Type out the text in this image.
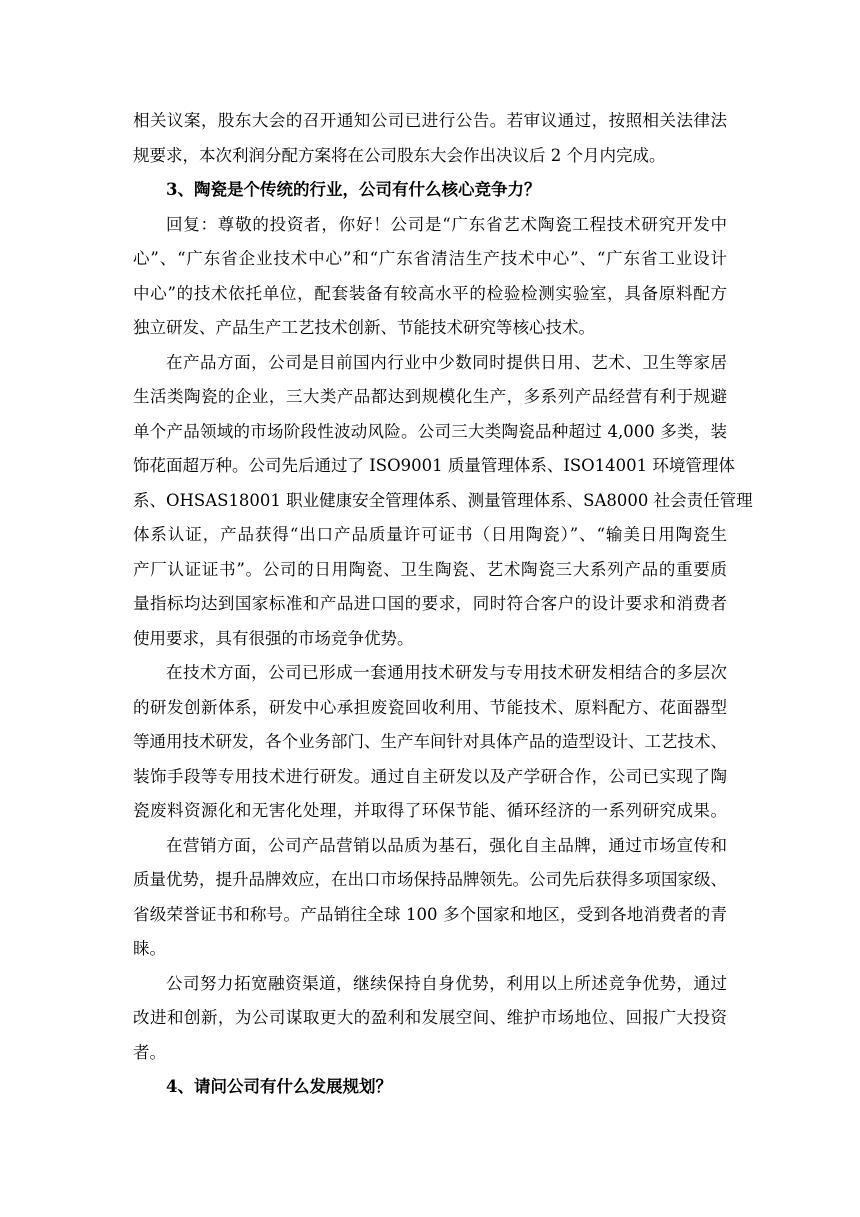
相关议案，股东大会的召开通知公司已进行公告。若审议通过，按照相关法律法
规要求，本次利润分配方案将在公司股东大会作出决议后 2 个月内完成。
3、陶瓷是个传统的行业，公司有什么核心竞争力？
回复：尊敬的投资者，你好！公司是“广东省艺术陶瓷工程技术研究开发中
心”、“广东省企业技术中心”和“广东省清洁生产技术中心”、“广东省工业设计
中心”的技术依托单位，配套装备有较高水平的检验检测实验室，具备原料配方
独立研发、产品生产工艺技术创新、节能技术研究等核心技术。
在产品方面，公司是目前国内行业中少数同时提供日用、艺术、卫生等家居
生活类陶瓷的企业，三大类产品都达到规模化生产，多系列产品经营有利于规避
单个产品领域的市场阶段性波动风险。公司三大类陶瓷品种超过 4,000 多类，装
饰花面超万种。公司先后通过了 ISO9001 质量管理体系、ISO14001 环境管理体
系、OHSAS18001 职业健康安全管理体系、测量管理体系、SA8000 社会责任管理
体系认证，产品获得“出口产品质量许可证书（日用陶瓷）”、“输美日用陶瓷生
产厂认证证书”。公司的日用陶瓷、卫生陶瓷、艺术陶瓷三大系列产品的重要质
量指标均达到国家标准和产品进口国的要求，同时符合客户的设计要求和消费者
使用要求，具有很强的市场竞争优势。
在技术方面，公司已形成一套通用技术研发与专用技术研发相结合的多层次
的研发创新体系，研发中心承担废瓷回收利用、节能技术、原料配方、花面器型
等通用技术研发，各个业务部门、生产车间针对具体产品的造型设计、工艺技术、
装饰手段等专用技术进行研发。通过自主研发以及产学研合作，公司已实现了陶
瓷废料资源化和无害化处理，并取得了环保节能、循环经济的一系列研究成果。
在营销方面，公司产品营销以品质为基石，强化自主品牌，通过市场宣传和
质量优势，提升品牌效应，在出口市场保持品牌领先。公司先后获得多项国家级、
省级荣誉证书和称号。产品销往全球 100 多个国家和地区，受到各地消费者的青
睐。
公司努力拓宽融资渠道，继续保持自身优势，利用以上所述竞争优势，通过
改进和创新，为公司谋取更大的盈利和发展空间、维护市场地位、回报广大投资
者。
4、请问公司有什么发展规划？
